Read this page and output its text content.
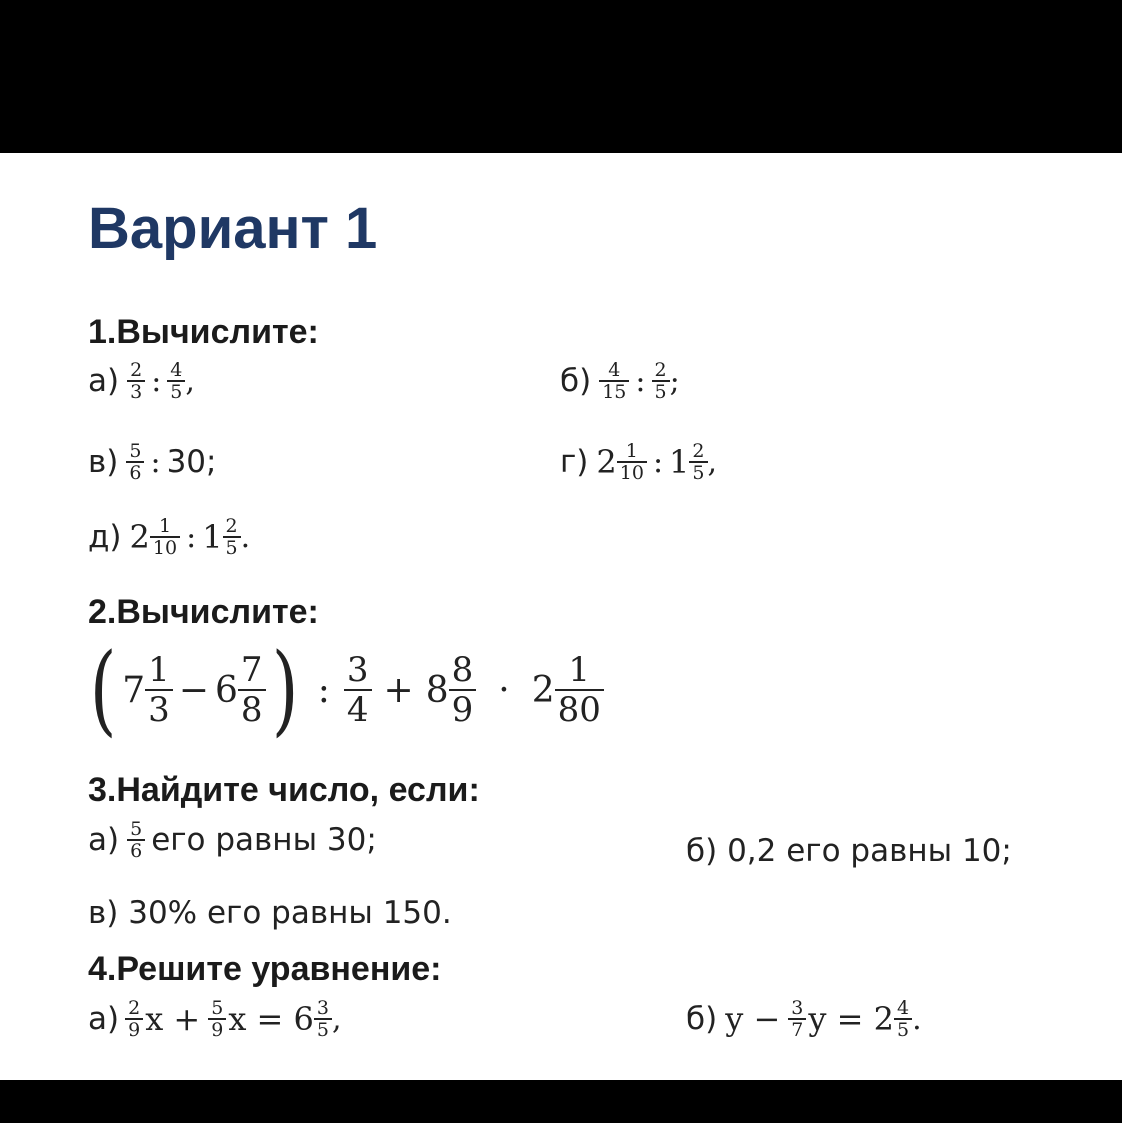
Вариант 1
1.Вычислите:
$а) \frac{2}{3}$ : $\frac{4}{5}$ ,	$б) \frac{4}{15}$ : $\frac{2}{5}$ ;
$в) \frac{5}{6}$ : 30 ;	г) $2 \frac{1}{10}$ : $1 \frac{2}{5}$ ,
д) $2 \frac{1}{10}$ : $1 \frac{2}{5}$ .
2.Вычислите:
( $7 \frac{1}{3} - 6 \frac{7}{8}$ ) : $\frac{3}{4} + 8 \frac{8}{9} \cdot 2 \frac{1}{80}$
3.Найдите число, если:
$а) \frac{5}{6}$ его равны 30;	б) 0,2 его равны 10;
в) 30% его равны 150.
4.Решите уравнение:
$а) \frac{2}{9}$ $x + \frac{5}{9}$ $x = 6 \frac{3}{5}$ ,	б) $y - \frac{3}{7}$ $y = 2 \frac{4}{5}$ .
